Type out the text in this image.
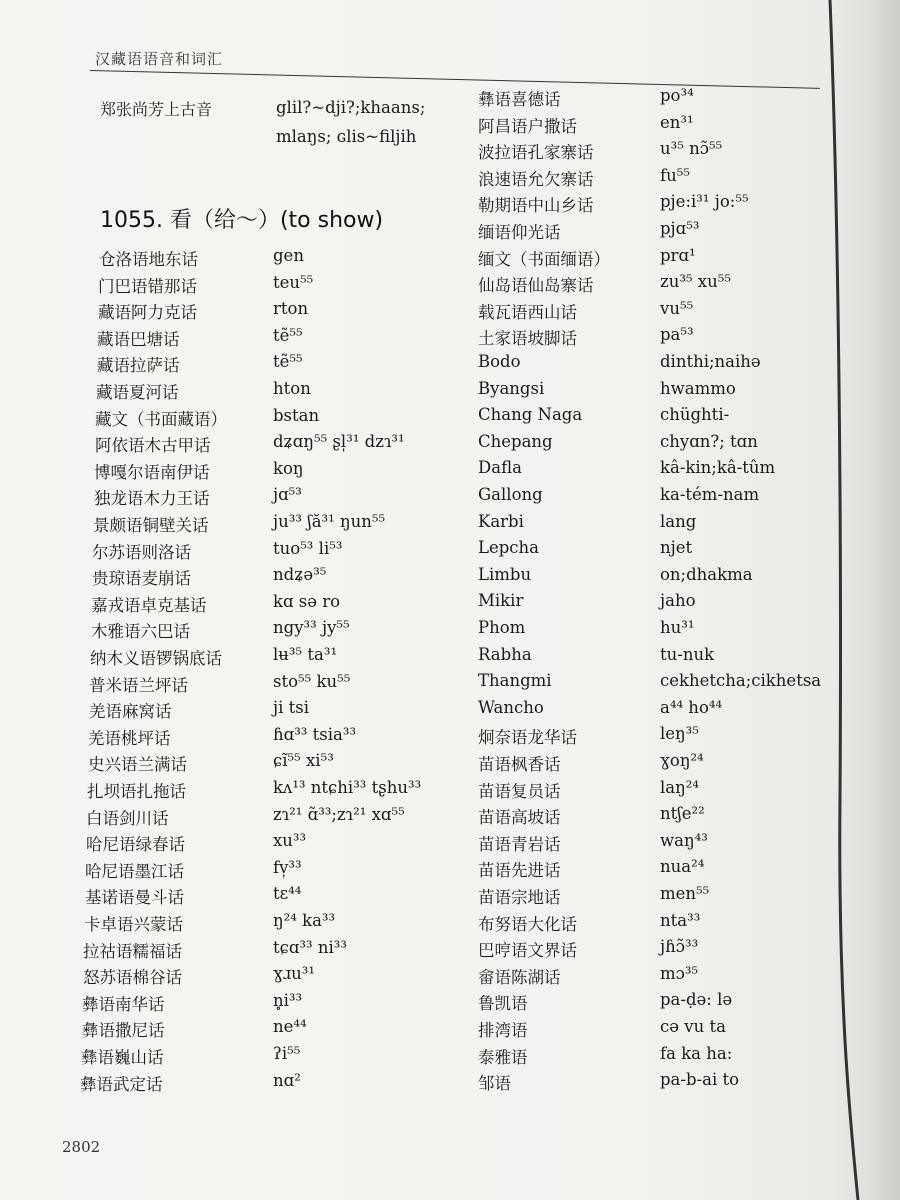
汉藏语语音和词汇
郑张尚芳上古音	glil?~dji?;khaans;
mlaŋs; ɢlis~filjih
1055. 看（给～）(to show)
仓洛语地东话	gen
门巴语错那话	teu⁵⁵
藏语阿力克话	rton
藏语巴塘话	tẽ⁵⁵
藏语拉萨话	tẽ⁵⁵
藏语夏河话	hton
藏文（书面藏语）	bstan
阿依语木古甲话	dʑɑŋ⁵⁵ ʂl̩³¹ dzɿ³¹
博嘎尔语南伊话	koŋ
独龙语木力王话	jɑ⁵³
景颇语铜壁关话	ju³³ ʃă³¹ ŋun⁵⁵
尔苏语则洛话	tuo⁵³ li⁵³
贵琼语麦崩话	ndʑə³⁵
嘉戎语卓克基话	kɑ sə ro
木雅语六巴话	ngy³³ jy⁵⁵
纳木义语锣锅底话	lʉ³⁵ ta³¹
普米语兰坪话	sto⁵⁵ ku⁵⁵
羌语麻窝话	ji tsi
羌语桃坪话	ɦɑ³³ tsia³³
史兴语兰满话	ɕĩ⁵⁵ xi⁵³
扎坝语扎拖话	kʌ¹³ ntɕhi³³ tʂhu³³
白语剑川话	zɿ²¹ ɑ̃³³;zɿ²¹ xɑ⁵⁵
哈尼语绿春话	xu³³
哈尼语墨江话	fv̩³³
基诺语曼斗话	tɛ⁴⁴
卡卓语兴蒙话	ŋ²⁴ ka³³
拉祜语糯福话	tɕɑ³³ ni³³
怒苏语棉谷话	ɣɹu³¹
彝语南华话	n̥i³³
彝语撒尼话	ne⁴⁴
彝语巍山话	ʔi⁵⁵
彝语武定话	nɑ²
彝语喜德话	po³⁴
阿昌语户撒话	en³¹
波拉语孔家寨话	u³⁵ nɔ̃⁵⁵
浪速语允欠寨话	fu⁵⁵
勒期语中山乡话	pje:i³¹ jo:⁵⁵
缅语仰光话	pjɑ⁵³
缅文（书面缅语）	prɑ¹
仙岛语仙岛寨话	zu³⁵ xu⁵⁵
载瓦语西山话	vu⁵⁵
土家语坡脚话	pa⁵³
Bodo	dinthi;naihə
Byangsi	hwammo
Chang Naga	chüghti-
Chepang	chyɑn?; tɑn
Dafla	kâ-kin;kâ-tûm
Gallong	ka-tém-nam
Karbi	lang
Lepcha	njet
Limbu	on;dhakma
Mikir	jaho
Phom	hu³¹
Rabha	tu-nuk
Thangmi	cekhetcha;cikhetsa
Wancho	a⁴⁴ ho⁴⁴
炯奈语龙华话	leŋ³⁵
苗语枫香话	ɣoŋ²⁴
苗语复员话	laŋ²⁴
苗语高坡话	ntʃe²²
苗语青岩话	waŋ⁴³
苗语先进话	nua²⁴
苗语宗地话	men⁵⁵
布努语大化话	nta³³
巴哼语文界话	jɦɔ̃³³
畲语陈湖话	mɔ³⁵
鲁凯语	pa-ḍə: lə
排湾语	cə vu ta
泰雅语	fa ka ha:
邹语	pa-b-ai to
2802
